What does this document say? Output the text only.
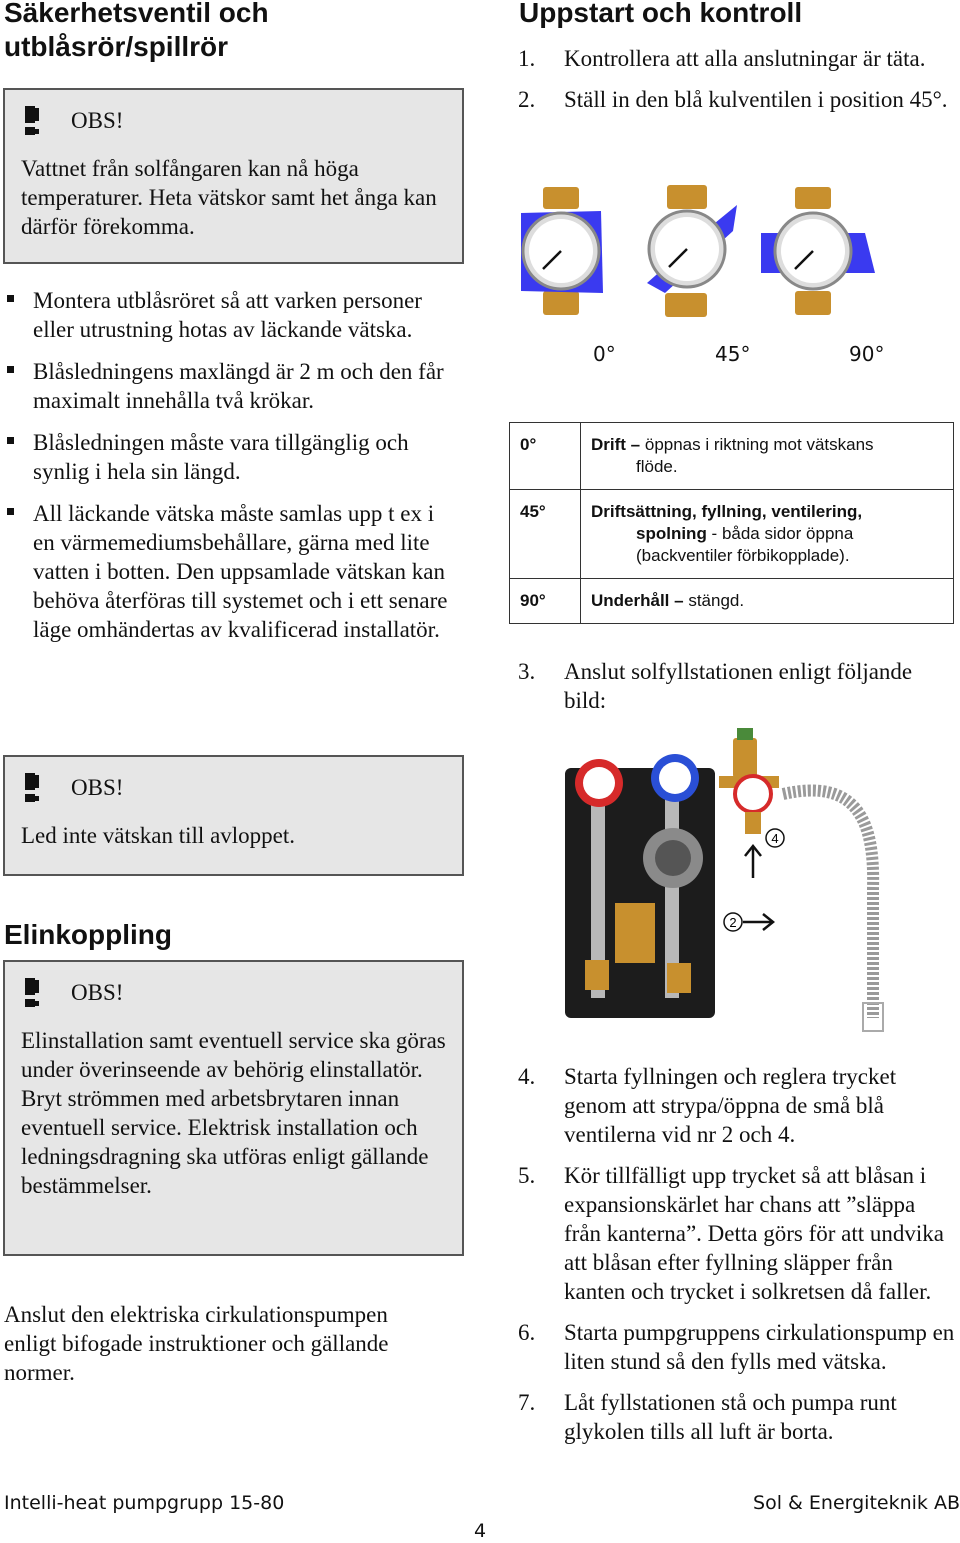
Säkerhetsventil och utblåsrör/spillrör
OBS!

Vattnet från solfångaren kan nå höga temperaturer. Heta vätskor samt het ånga kan därför förekomma.

Montera utblåsröret så att varken personer eller utrustning hotas av läckande vätska.
Blåsledningens maxlängd är 2 m och den får maximalt innehålla två krökar.
Blåsledningen måste vara tillgänglig och synlig i hela sin längd.
All läckande vätska måste samlas upp t ex i en värmemediumsbehållare, gärna med lite vatten i botten. Den uppsamlade vätskan kan behöva återföras till systemet och i ett senare läge omhändertas av kvalificerad installatör.
OBS!

Led inte vätskan till avloppet.

Elinkoppling
OBS!

Elinstallation samt eventuell service ska göras under överinseende av behörig elinstallatör. Bryt strömmen med arbetsbrytaren innan eventuell service. Elektrisk installation och ledningsdragning ska utföras enligt gällande bestämmelser.

Anslut den elektriska cirkulationspumpen enligt bifogade instruktioner och gällande normer.
Uppstart och kontroll
1.	Kontrollera att alla anslutningar är täta.
2.	Ställ in den blå kulventilen i position 45°.
0°	45°	90°
0°	Drift – öppnas i riktning mot vätskans
flöde.

45°	Driftsättning, fyllning, ventilering,
spolning - båda sidor öppna
(backventiler förbikopplade).

90°	Underhåll – stängd.
3.	Anslut solfyllstationen enligt följande bild:
4
2
4.	Starta fyllningen och reglera trycket genom att strypa/öppna de små blå ventilerna vid nr 2 och 4.
5.	Kör tillfälligt upp trycket så att blåsan i expansionskärlet har chans att ”släppa från kanterna”. Detta görs för att undvika att blåsan efter fyllning släpper från kanten och trycket i solkretsen då faller.
6.	Starta pumpgruppens cirkulationspump en liten stund så den fylls med vätska.
7.	Låt fyllstationen stå och pumpa runt glykolen tills all luft är borta.
Intelli-heat pumpgrupp 15-80
4
Sol & Energiteknik AB
